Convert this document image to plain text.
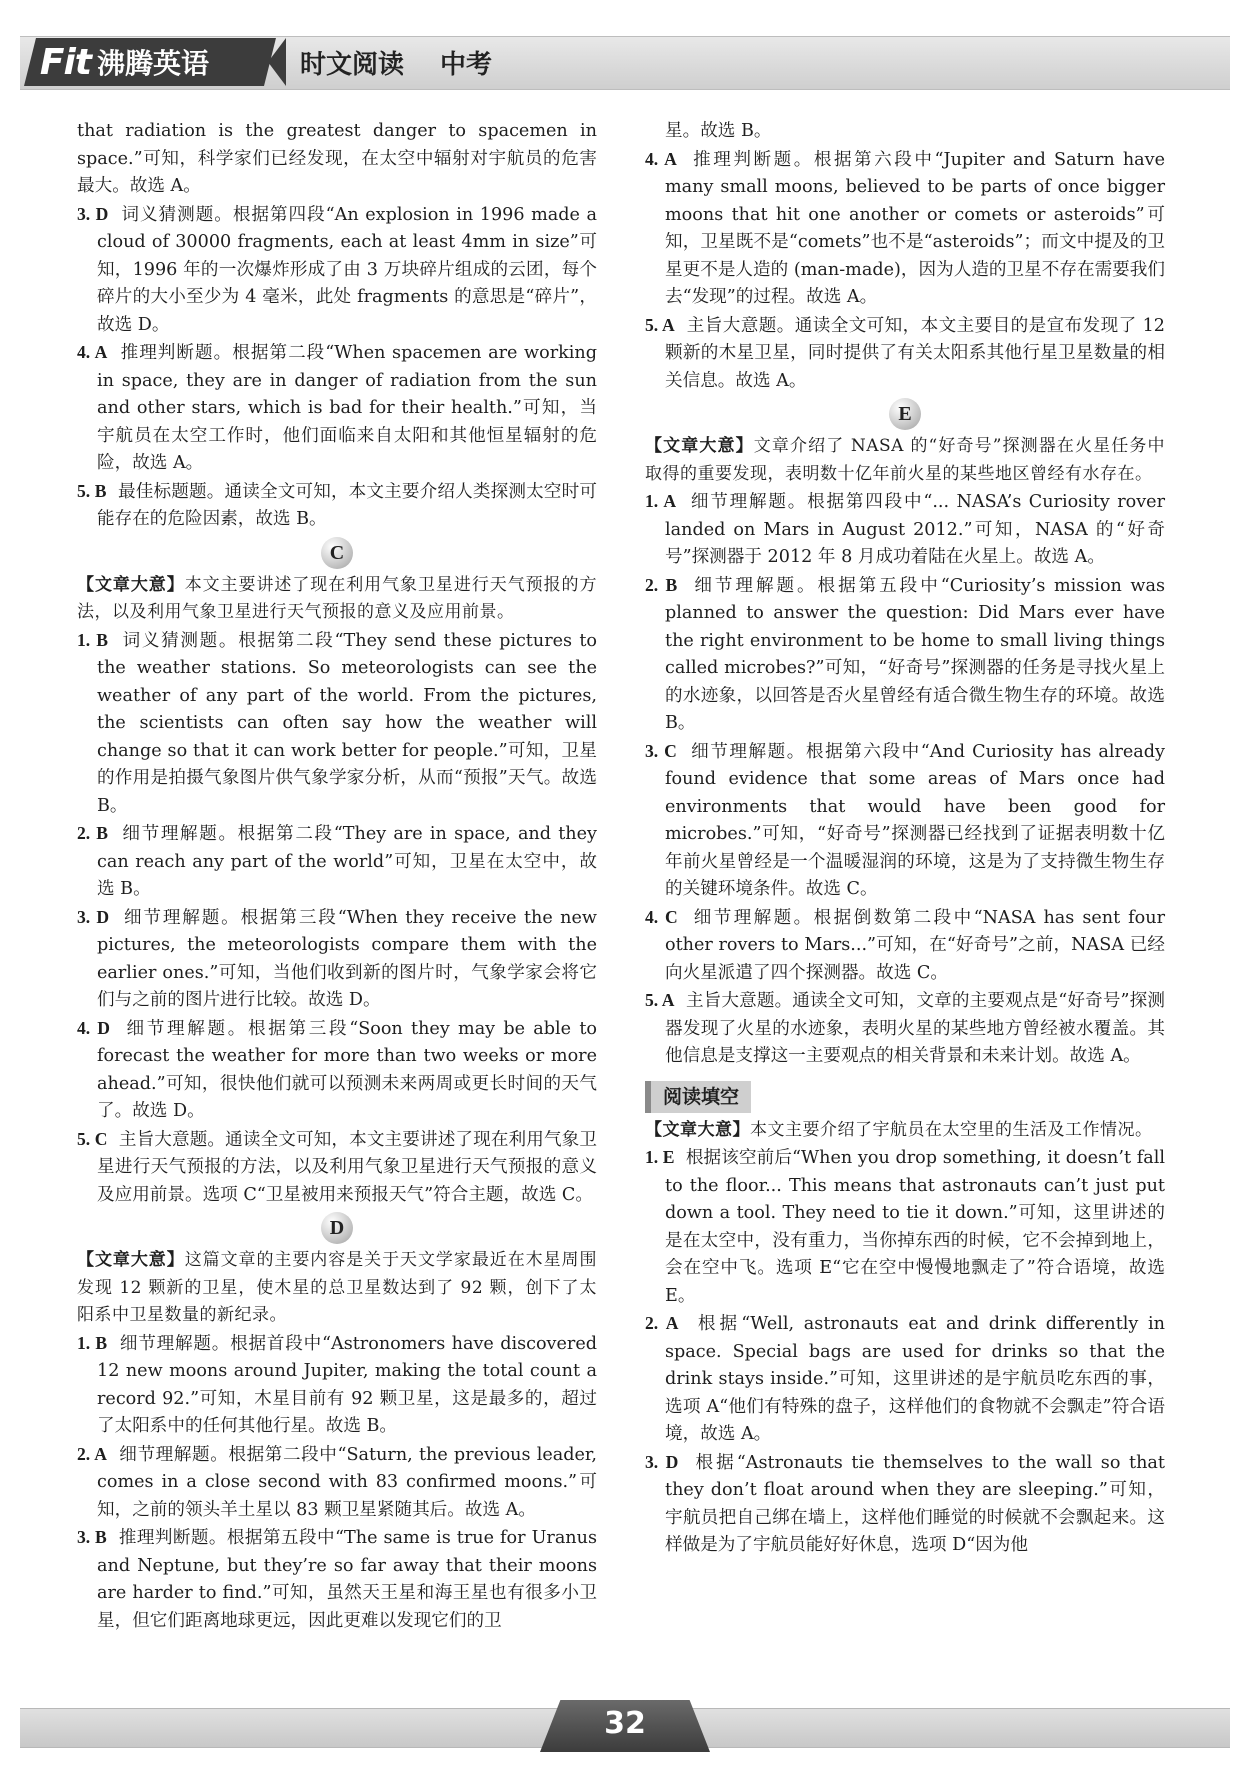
Fit 沸腾英语	时文阅读 中考

that radiation is the greatest danger to spacemen in space.”可知，科学家们已经发现，在太空中辐射对宇航员的危害最大。故选 A。

3. D 词义猜测题。根据第四段“An explosion in 1996 made a cloud of 30000 fragments, each at least 4mm in size”可知，1996 年的一次爆炸形成了由 3 万块碎片组成的云团，每个碎片的大小至少为 4 毫米，此处 fragments 的意思是“碎片”，故选 D。

4. A 推理判断题。根据第二段“When spacemen are working in space, they are in danger of radiation from the sun and other stars, which is bad for their health.”可知，当宇航员在太空工作时，他们面临来自太阳和其他恒星辐射的危险，故选 A。

5. B 最佳标题题。通读全文可知，本文主要介绍人类探测太空时可能存在的危险因素，故选 B。

C

【文章大意】本文主要讲述了现在利用气象卫星进行天气预报的方法，以及利用气象卫星进行天气预报的意义及应用前景。

1. B 词义猜测题。根据第二段“They send these pictures to the weather stations. So meteorologists can see the weather of any part of the world. From the pictures, the scientists can often say how the weather will change so that it can work better for people.”可知，卫星的作用是拍摄气象图片供气象学家分析，从而“预报”天气。故选 B。

2. B 细节理解题。根据第二段“They are in space, and they can reach any part of the world”可知，卫星在太空中，故选 B。

3. D 细节理解题。根据第三段“When they receive the new pictures, the meteorologists compare them with the earlier ones.”可知，当他们收到新的图片时，气象学家会将它们与之前的图片进行比较。故选 D。

4. D 细节理解题。根据第三段“Soon they may be able to forecast the weather for more than two weeks or more ahead.”可知，很快他们就可以预测未来两周或更长时间的天气了。故选 D。

5. C 主旨大意题。通读全文可知，本文主要讲述了现在利用气象卫星进行天气预报的方法，以及利用气象卫星进行天气预报的意义及应用前景。选项 C“卫星被用来预报天气”符合主题，故选 C。

D

【文章大意】这篇文章的主要内容是关于天文学家最近在木星周围发现 12 颗新的卫星，使木星的总卫星数达到了 92 颗，创下了太阳系中卫星数量的新纪录。

1. B 细节理解题。根据首段中“Astronomers have discovered 12 new moons around Jupiter, making the total count a record 92.”可知，木星目前有 92 颗卫星，这是最多的，超过了太阳系中的任何其他行星。故选 B。

2. A 细节理解题。根据第二段中“Saturn, the previous leader, comes in a close second with 83 confirmed moons.”可知，之前的领头羊土星以 83 颗卫星紧随其后。故选 A。

3. B 推理判断题。根据第五段中“The same is true for Uranus and Neptune, but they’re so far away that their moons are harder to find.”可知，虽然天王星和海王星也有很多小卫星，但它们距离地球更远，因此更难以发现它们的卫

星。故选 B。

4. A 推理判断题。根据第六段中“Jupiter and Saturn have many small moons, believed to be parts of once bigger moons that hit one another or comets or asteroids”可知，卫星既不是“comets”也不是“asteroids”；而文中提及的卫星更不是人造的 (man-made)，因为人造的卫星不存在需要我们去“发现”的过程。故选 A。

5. A 主旨大意题。通读全文可知，本文主要目的是宣布发现了 12 颗新的木星卫星，同时提供了有关太阳系其他行星卫星数量的相关信息。故选 A。

E

【文章大意】文章介绍了 NASA 的“好奇号”探测器在火星任务中取得的重要发现，表明数十亿年前火星的某些地区曾经有水存在。

1. A 细节理解题。根据第四段中“... NASA’s Curiosity rover landed on Mars in August 2012.”可知，NASA 的“好奇号”探测器于 2012 年 8 月成功着陆在火星上。故选 A。

2. B 细节理解题。根据第五段中“Curiosity’s mission was planned to answer the question: Did Mars ever have the right environment to be home to small living things called microbes?”可知，“好奇号”探测器的任务是寻找火星上的水迹象，以回答是否火星曾经有适合微生物生存的环境。故选 B。

3. C 细节理解题。根据第六段中“And Curiosity has already found evidence that some areas of Mars once had environments that would have been good for microbes.”可知，“好奇号”探测器已经找到了证据表明数十亿年前火星曾经是一个温暖湿润的环境，这是为了支持微生物生存的关键环境条件。故选 C。

4. C 细节理解题。根据倒数第二段中“NASA has sent four other rovers to Mars...”可知，在“好奇号”之前，NASA 已经向火星派遣了四个探测器。故选 C。

5. A 主旨大意题。通读全文可知，文章的主要观点是“好奇号”探测器发现了火星的水迹象，表明火星的某些地方曾经被水覆盖。其他信息是支撑这一主要观点的相关背景和未来计划。故选 A。

阅读填空

【文章大意】本文主要介绍了宇航员在太空里的生活及工作情况。

1. E 根据该空前后“When you drop something, it doesn’t fall to the floor... This means that astronauts can’t just put down a tool. They need to tie it down.”可知，这里讲述的是在太空中，没有重力，当你掉东西的时候，它不会掉到地上，会在空中飞。选项 E“它在空中慢慢地飘走了”符合语境，故选 E。

2. A 根据“Well, astronauts eat and drink differently in space. Special bags are used for drinks so that the drink stays inside.”可知，这里讲述的是宇航员吃东西的事，选项 A“他们有特殊的盘子，这样他们的食物就不会飘走”符合语境，故选 A。

3. D 根据“Astronauts tie themselves to the wall so that they don’t float around when they are sleeping.”可知，宇航员把自己绑在墙上，这样他们睡觉的时候就不会飘起来。这样做是为了宇航员能好好休息，选项 D“因为他

32
